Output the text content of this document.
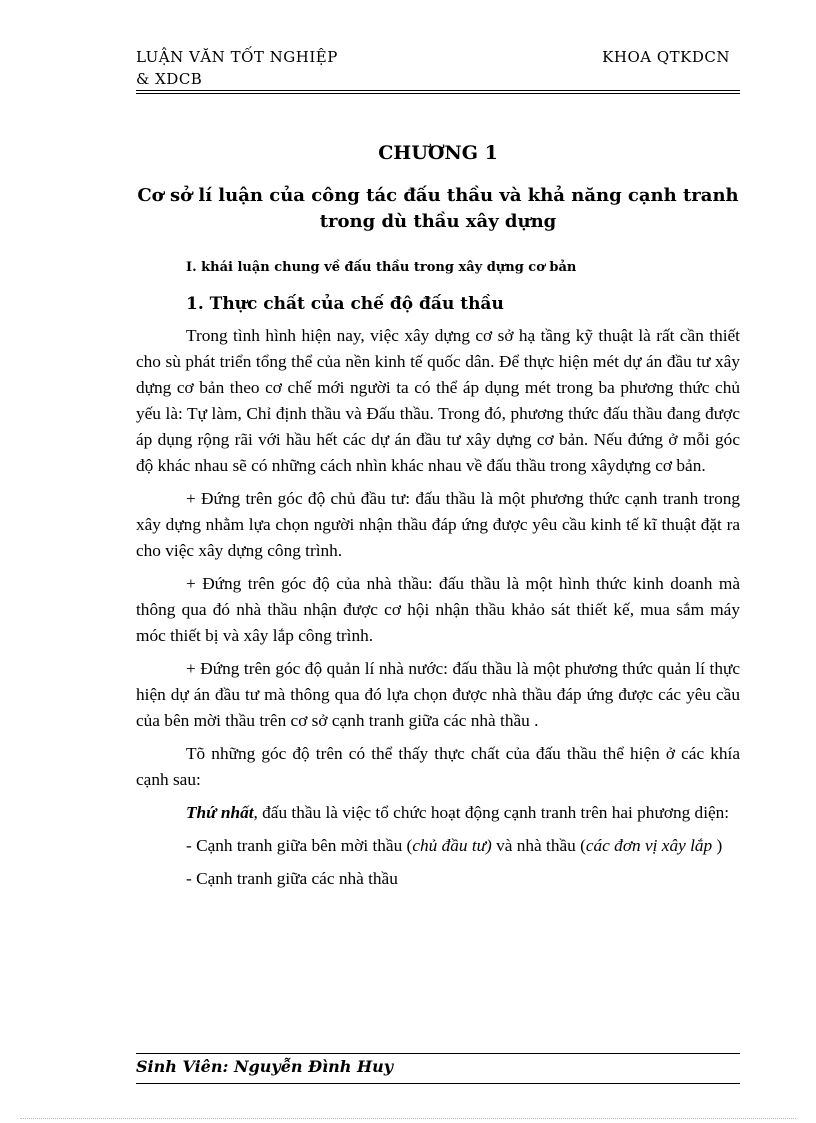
LUẬN VĂN TỐT NGHIỆP
& XDCB
KHOA QTKDCN
CHƯƠNG 1
Cơ sở lí luận của công tác đấu thầu và khả năng cạnh tranh
trong dù thầu xây dựng
I. khái luận chung về đấu thầu trong xây dựng cơ bản
1. Thực chất của chế độ đấu thầu

Trong tình hình hiện nay, việc xây dựng cơ sở hạ tầng kỹ thuật là rất cần thiết cho sù phát triển tổng thể của nền kinh tế quốc dân. Để thực hiện mét dự án đầu tư xây dựng cơ bản theo cơ chế mới người ta có thể áp dụng mét trong ba phương thức chủ yếu là: Tự làm, Chỉ định thầu và Đấu thầu. Trong đó, phương thức đấu thầu đang được áp dụng rộng rãi với hầu hết các dự án đầu tư xây dựng cơ bản. Nếu đứng ở mỗi góc độ khác nhau sẽ có những cách nhìn khác nhau về đấu thầu trong xâydựng cơ bản.

+ Đứng trên góc độ chủ đầu tư: đấu thầu là một phương thức cạnh tranh trong xây dựng nhằm lựa chọn người nhận thầu đáp ứng được yêu cầu kinh tế kĩ thuật đặt ra cho việc xây dựng công trình.

+ Đứng trên góc độ của nhà thầu: đấu thầu là một hình thức kinh doanh mà thông qua đó nhà thầu nhận được cơ hội nhận thầu khảo sát thiết kế, mua sắm máy móc thiết bị và xây lắp công trình.

+ Đứng trên góc độ quản lí nhà nước: đấu thầu là một phương thức quản lí thực hiện dự án đầu tư mà thông qua đó lựa chọn được nhà thầu đáp ứng được các yêu cầu của bên mời thầu trên cơ sở cạnh tranh giữa các nhà thầu .

Tõ những góc độ trên có thể thấy thực chất của đấu thầu thể hiện ở các khía cạnh sau:

Thứ nhất, đấu thầu là việc tổ chức hoạt động cạnh tranh trên hai phương diện:

- Cạnh tranh giữa bên mời thầu (chủ đầu tư) và nhà thầu (các đơn vị xây lắp )

- Cạnh tranh giữa các nhà thầu

Sinh Viên: Nguyễn Đình Huy
